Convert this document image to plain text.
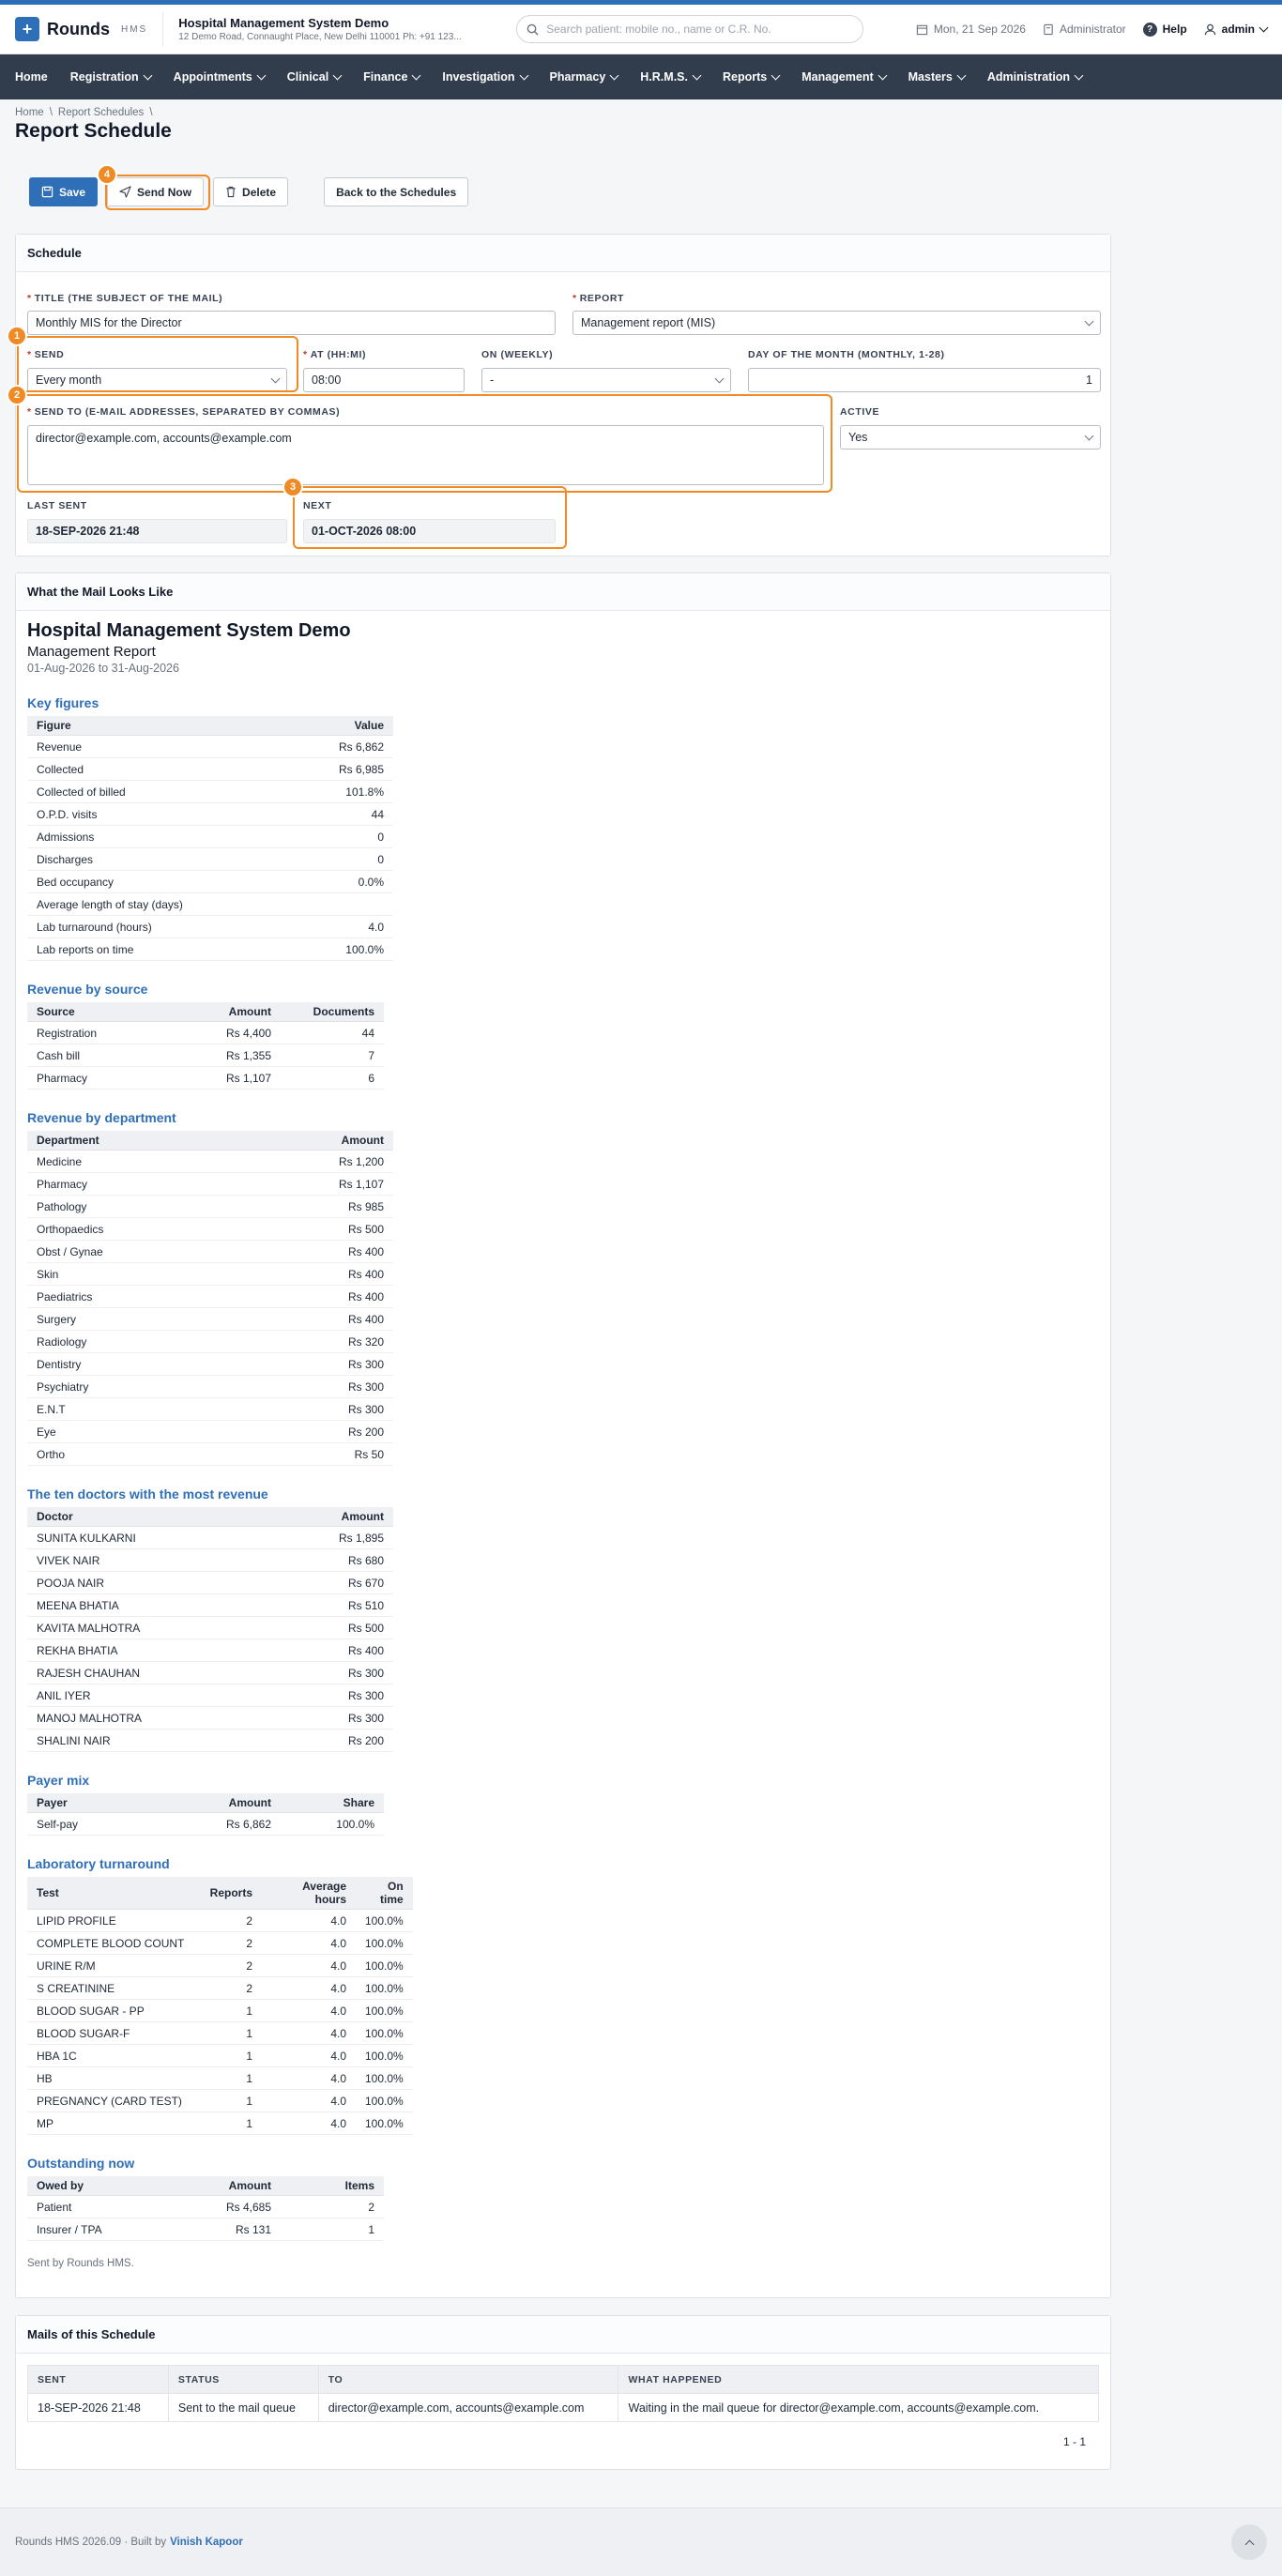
+ Rounds HMS	Hospital Management System Demo
12 Demo Road, Connaught Place, New Delhi 110001 Ph: +91 123...
Search patient: mobile no., name or C.R. No.	Mon, 21 Sep 2026	Administrator	? Help	admin
Home Registration	Appointments	Clinical	Finance	Investigation	Pharmacy	H.R.M.S.	Reports	Management	Masters	Administration
Home \ Report Schedules \
Report Schedule
Save	Send Now	Delete	Back to the Schedules
Schedule
* TITLE (THE SUBJECT OF THE MAIL)
Monthly MIS for the Director
* REPORT
Management report (MIS)
* SEND
Every month
* AT (HH:MI)
08:00
ON (WEEKLY)
-
DAY OF THE MONTH (MONTHLY, 1-28)
1
* SEND TO (E-MAIL ADDRESSES, SEPARATED BY COMMAS)
director@example.com, accounts@example.com
ACTIVE
Yes
LAST SENT
18-SEP-2026 21:48
NEXT
01-OCT-2026 08:00
1
2
3
4
What the Mail Looks Like
Hospital Management System Demo
Management Report
01-Aug-2026 to 31-Aug-2026
Key figures
Figure	Value
Revenue	Rs 6,862
Collected	Rs 6,985
Collected of billed	101.8%
O.P.D. visits	44
Admissions	0
Discharges	0
Bed occupancy	0.0%
Average length of stay (days)	
Lab turnaround (hours)	4.0
Lab reports on time	100.0%
Revenue by source
Source	Amount	Documents
Registration	Rs 4,400	44
Cash bill	Rs 1,355	7
Pharmacy	Rs 1,107	6
Revenue by department
Department	Amount
Medicine	Rs 1,200
Pharmacy	Rs 1,107
Pathology	Rs 985
Orthopaedics	Rs 500
Obst / Gynae	Rs 400
Skin	Rs 400
Paediatrics	Rs 400
Surgery	Rs 400
Radiology	Rs 320
Dentistry	Rs 300
Psychiatry	Rs 300
E.N.T	Rs 300
Eye	Rs 200
Ortho	Rs 50
The ten doctors with the most revenue
Doctor	Amount
SUNITA KULKARNI	Rs 1,895
VIVEK NAIR	Rs 680
POOJA NAIR	Rs 670
MEENA BHATIA	Rs 510
KAVITA MALHOTRA	Rs 500
REKHA BHATIA	Rs 400
RAJESH CHAUHAN	Rs 300
ANIL IYER	Rs 300
MANOJ MALHOTRA	Rs 300
SHALINI NAIR	Rs 200
Payer mix
Payer	Amount	Share
Self-pay	Rs 6,862	100.0%
Laboratory turnaround
Test	Reports	Average hours	On time
LIPID PROFILE	2	4.0	100.0%
COMPLETE BLOOD COUNT	2	4.0	100.0%
URINE R/M	2	4.0	100.0%
S CREATININE	2	4.0	100.0%
BLOOD SUGAR - PP	1	4.0	100.0%
BLOOD SUGAR-F	1	4.0	100.0%
HBA 1C	1	4.0	100.0%
HB	1	4.0	100.0%
PREGNANCY (CARD TEST)	1	4.0	100.0%
MP	1	4.0	100.0%
Outstanding now
Owed by	Amount	Items
Patient	Rs 4,685	2
Insurer / TPA	Rs 131	1
Sent by Rounds HMS.
Mails of this Schedule
SENT	STATUS	TO	WHAT HAPPENED
18-SEP-2026 21:48	Sent to the mail queue	director@example.com, accounts@example.com	Waiting in the mail queue for director@example.com, accounts@example.com.
1 - 1
Rounds HMS 2026.09 · Built by Vinish Kapoor
